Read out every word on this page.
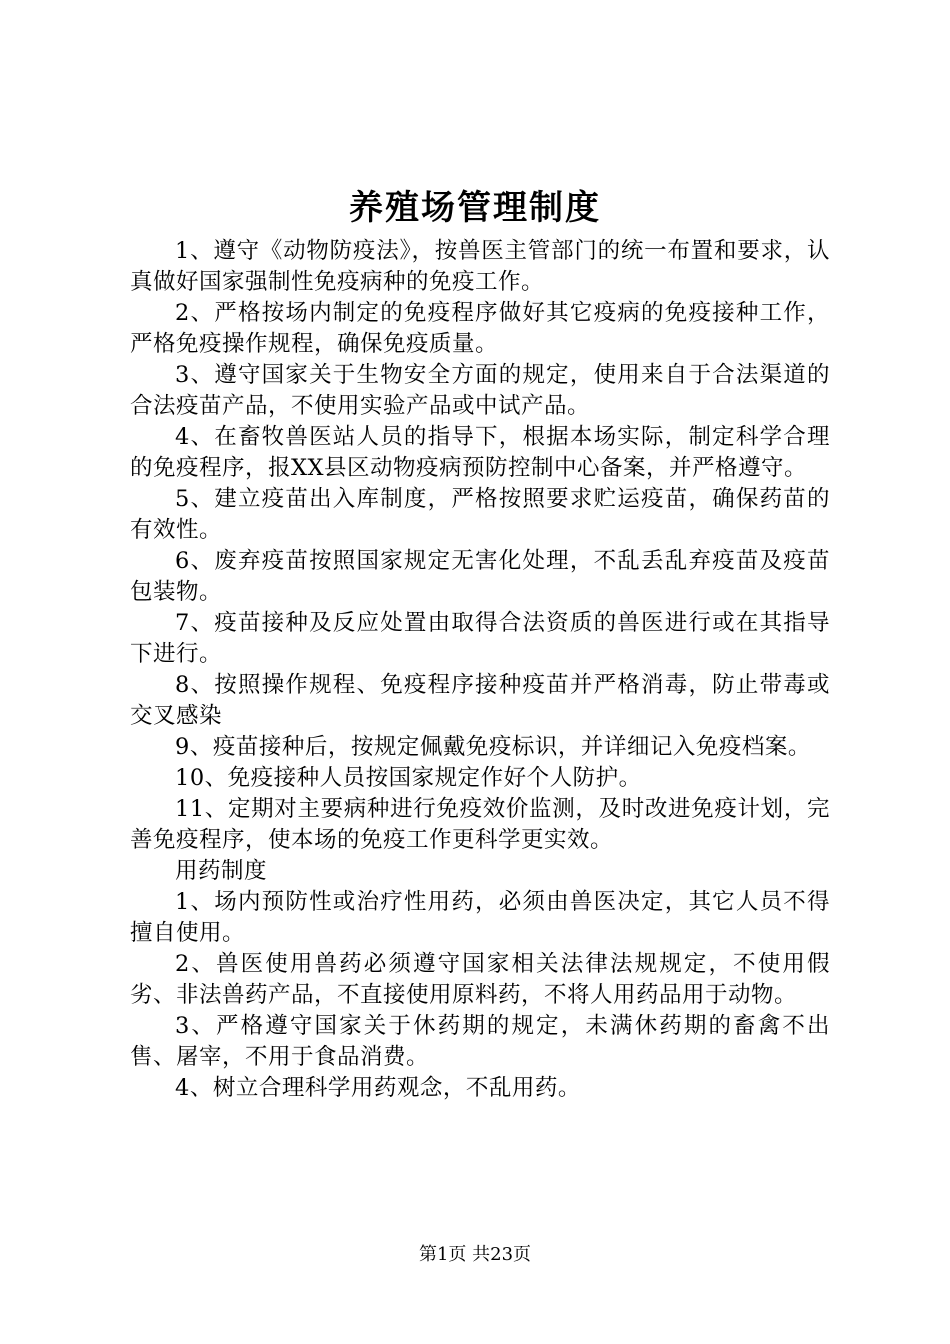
养殖场管理制度

1、遵守《动物防疫法》，按兽医主管部门的统一布置和要求，认真做好国家强制性免疫病种的免疫工作。

2、严格按场内制定的免疫程序做好其它疫病的免疫接种工作，严格免疫操作规程，确保免疫质量。

3、遵守国家关于生物安全方面的规定，使用来自于合法渠道的合法疫苗产品，不使用实验产品或中试产品。

4、在畜牧兽医站人员的指导下，根据本场实际，制定科学合理的免疫程序，报XX县区动物疫病预防控制中心备案，并严格遵守。

5、建立疫苗出入库制度，严格按照要求贮运疫苗，确保药苗的有效性。

6、废弃疫苗按照国家规定无害化处理，不乱丢乱弃疫苗及疫苗包装物。

7、疫苗接种及反应处置由取得合法资质的兽医进行或在其指导下进行。

8、按照操作规程、免疫程序接种疫苗并严格消毒，防止带毒或交叉感染

9、疫苗接种后，按规定佩戴免疫标识，并详细记入免疫档案。

10、免疫接种人员按国家规定作好个人防护。

11、定期对主要病种进行免疫效价监测，及时改进免疫计划，完善免疫程序，使本场的免疫工作更科学更实效。

用药制度

1、场内预防性或治疗性用药，必须由兽医决定，其它人员不得擅自使用。

2、兽医使用兽药必须遵守国家相关法律法规规定，不使用假劣、非法兽药产品，不直接使用原料药，不将人用药品用于动物。

3、严格遵守国家关于休药期的规定，未满休药期的畜禽不出售、屠宰，不用于食品消费。

4、树立合理科学用药观念，不乱用药。

第1页 共23页
